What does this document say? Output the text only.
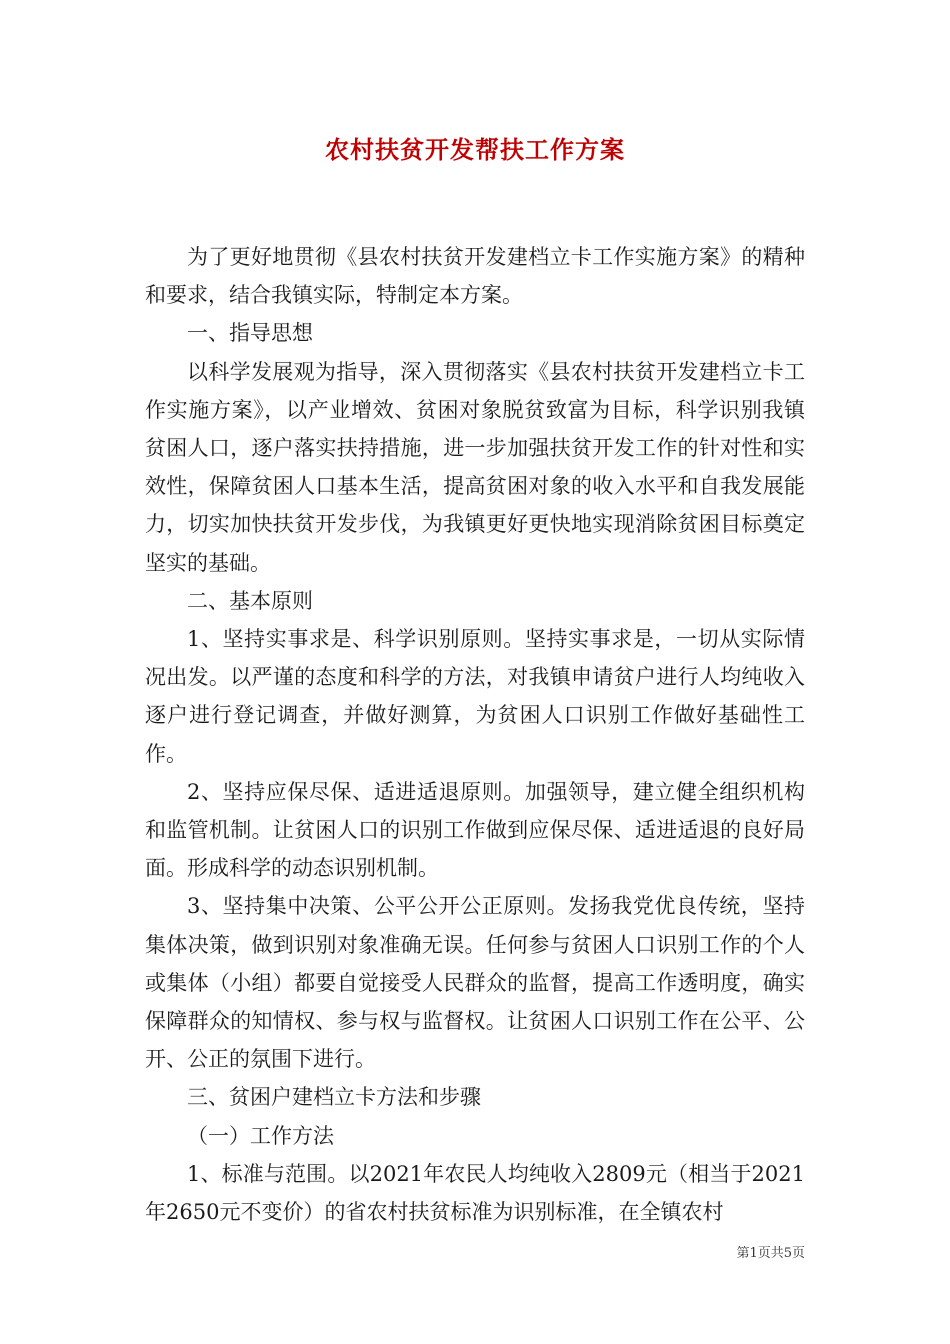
农村扶贫开发帮扶工作方案

为了更好地贯彻《县农村扶贫开发建档立卡工作实施方案》的精种和要求，结合我镇实际，特制定本方案。

一、指导思想

以科学发展观为指导，深入贯彻落实《县农村扶贫开发建档立卡工作实施方案》，以产业增效、贫困对象脱贫致富为目标，科学识别我镇贫困人口，逐户落实扶持措施，进一步加强扶贫开发工作的针对性和实效性，保障贫困人口基本生活，提高贫困对象的收入水平和自我发展能力，切实加快扶贫开发步伐，为我镇更好更快地实现消除贫困目标奠定坚实的基础。

二、基本原则

1、坚持实事求是、科学识别原则。坚持实事求是，一切从实际情况出发。以严谨的态度和科学的方法，对我镇申请贫户进行人均纯收入逐户进行登记调查，并做好测算，为贫困人口识别工作做好基础性工作。

2、坚持应保尽保、适进适退原则。加强领导，建立健全组织机构和监管机制。让贫困人口的识别工作做到应保尽保、适进适退的良好局面。形成科学的动态识别机制。

3、坚持集中决策、公平公开公正原则。发扬我党优良传统，坚持集体决策，做到识别对象准确无误。任何参与贫困人口识别工作的个人或集体（小组）都要自觉接受人民群众的监督，提高工作透明度，确实保障群众的知情权、参与权与监督权。让贫困人口识别工作在公平、公开、公正的氛围下进行。

三、贫困户建档立卡方法和步骤

（一）工作方法

1、标准与范围。以2021年农民人均纯收入2809元（相当于2021年2650元不变价）的省农村扶贫标准为识别标准，在全镇农村

第1页共5页
